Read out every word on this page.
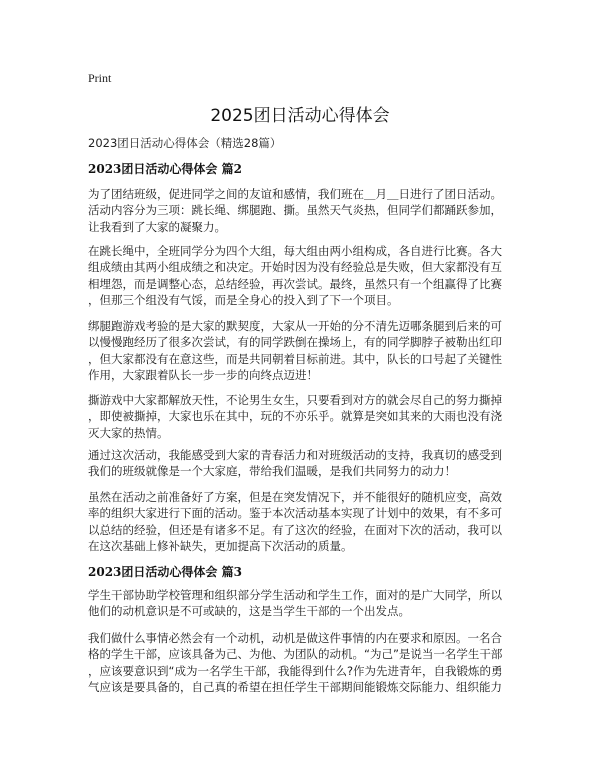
Print
2025团日活动心得体会
2023团日活动心得体会（精选28篇）
2023团日活动心得体会 篇2

为了团结班级，促进同学之间的友谊和感情，我们班在＿月＿日进行了团日活动。
活动内容分为三项：跳长绳、绑腿跑、撕。虽然天气炎热，但同学们都踊跃参加，
让我看到了大家的凝聚力。

在跳长绳中，全班同学分为四个大组，每大组由两小组构成，各自进行比赛。各大
组成绩由其两小组成绩之和决定。开始时因为没有经验总是失败，但大家都没有互
相埋怨，而是调整心态，总结经验，再次尝试。最终，虽然只有一个组赢得了比赛
，但那三个组没有气馁，而是全身心的投入到了下一个项目。

绑腿跑游戏考验的是大家的默契度，大家从一开始的分不清先迈哪条腿到后来的可
以慢慢跑经历了很多次尝试，有的同学跌倒在操场上，有的同学脚脖子被勒出红印
，但大家都没有在意这些，而是共同朝着目标前进。其中，队长的口号起了关键性
作用，大家跟着队长一步一步的向终点迈进！

撕游戏中大家都解放天性，不论男生女生，只要看到对方的就会尽自己的努力撕掉
，即使被撕掉，大家也乐在其中，玩的不亦乐乎。就算是突如其来的大雨也没有浇
灭大家的热情。

通过这次活动，我能感受到大家的青春活力和对班级活动的支持，我真切的感受到
我们的班级就像是一个大家庭，带给我们温暖，是我们共同努力的动力！

虽然在活动之前准备好了方案，但是在突发情况下，并不能很好的随机应变，高效
率的组织大家进行下面的活动。鉴于本次活动基本实现了计划中的效果，有不多可
以总结的经验，但还是有诸多不足。有了这次的经验，在面对下次的活动，我可以
在这次基础上修补缺失，更加提高下次活动的质量。

2023团日活动心得体会 篇3

学生干部协助学校管理和组织部分学生活动和学生工作，面对的是广大同学，所以
他们的动机意识是不可或缺的，这是当学生干部的一个出发点。

我们做什么事情必然会有一个动机，动机是做这件事情的内在要求和原因。一名合
格的学生干部，应该具备为己、为他、为团队的动机。“为己”是说当一名学生干部
，应该要意识到“成为一名学生干部，我能得到什么?作为先进青年，自我锻炼的勇
气应该是要具备的，自己真的希望在担任学生干部期间能锻炼交际能力、组织能力
